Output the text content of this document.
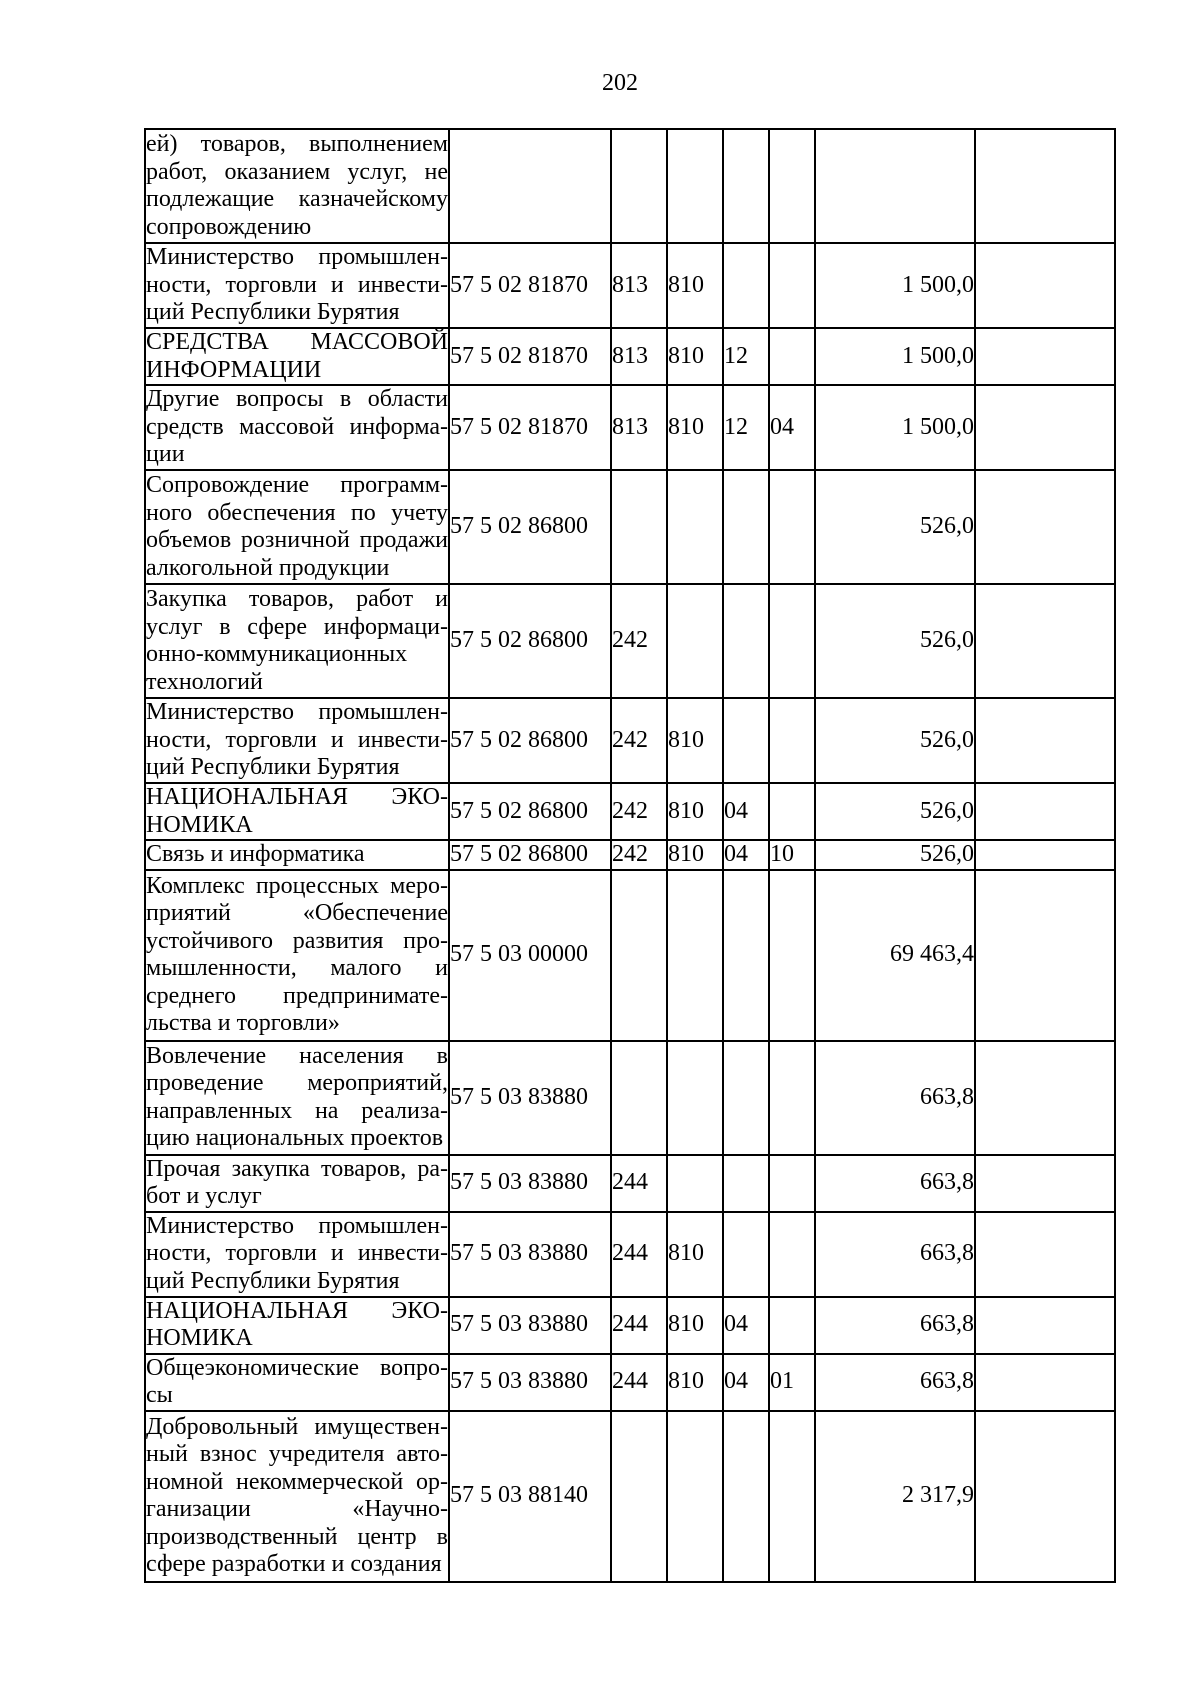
202
ей) товаров, выполнением работ, оказанием услуг, не подлежащие казначейскому сопровождению							
Министерство промышленности, торговли и инвестиций Республики Бурятия	57 5 02 81870	813	810			1 500,0	
СРЕДСТВА МАССОВОЙ ИНФОРМАЦИИ	57 5 02 81870	813	810	12		1 500,0	
Другие вопросы в области средств массовой информации	57 5 02 81870	813	810	12	04	1 500,0	
Сопровождение программного обеспечения по учету объемов розничной продажи алкогольной продукции	57 5 02 86800					526,0	
Закупка товаров, работ и услуг в сфере информационно-коммуникационных технологий	57 5 02 86800	242				526,0	
Министерство промышленности, торговли и инвестиций Республики Бурятия	57 5 02 86800	242	810			526,0	
НАЦИОНАЛЬНАЯ ЭКОНОМИКА	57 5 02 86800	242	810	04		526,0	
Связь и информатика	57 5 02 86800	242	810	04	10	526,0	
Комплекс процессных мероприятий «Обеспечение устойчивого развития промышленности, малого и среднего предпринимательства и торговли»	57 5 03 00000					69 463,4	
Вовлечение населения в проведение мероприятий, направленных на реализацию национальных проектов	57 5 03 83880					663,8	
Прочая закупка товаров, работ и услуг	57 5 03 83880	244				663,8	
Министерство промышленности, торговли и инвестиций Республики Бурятия	57 5 03 83880	244	810			663,8	
НАЦИОНАЛЬНАЯ ЭКОНОМИКА	57 5 03 83880	244	810	04		663,8	
Общеэкономические вопросы	57 5 03 83880	244	810	04	01	663,8	
Добровольный имущественный взнос учредителя автономной некоммерческой организации «Научно-производственный центр в сфере разработки и создания	57 5 03 88140					2 317,9	
